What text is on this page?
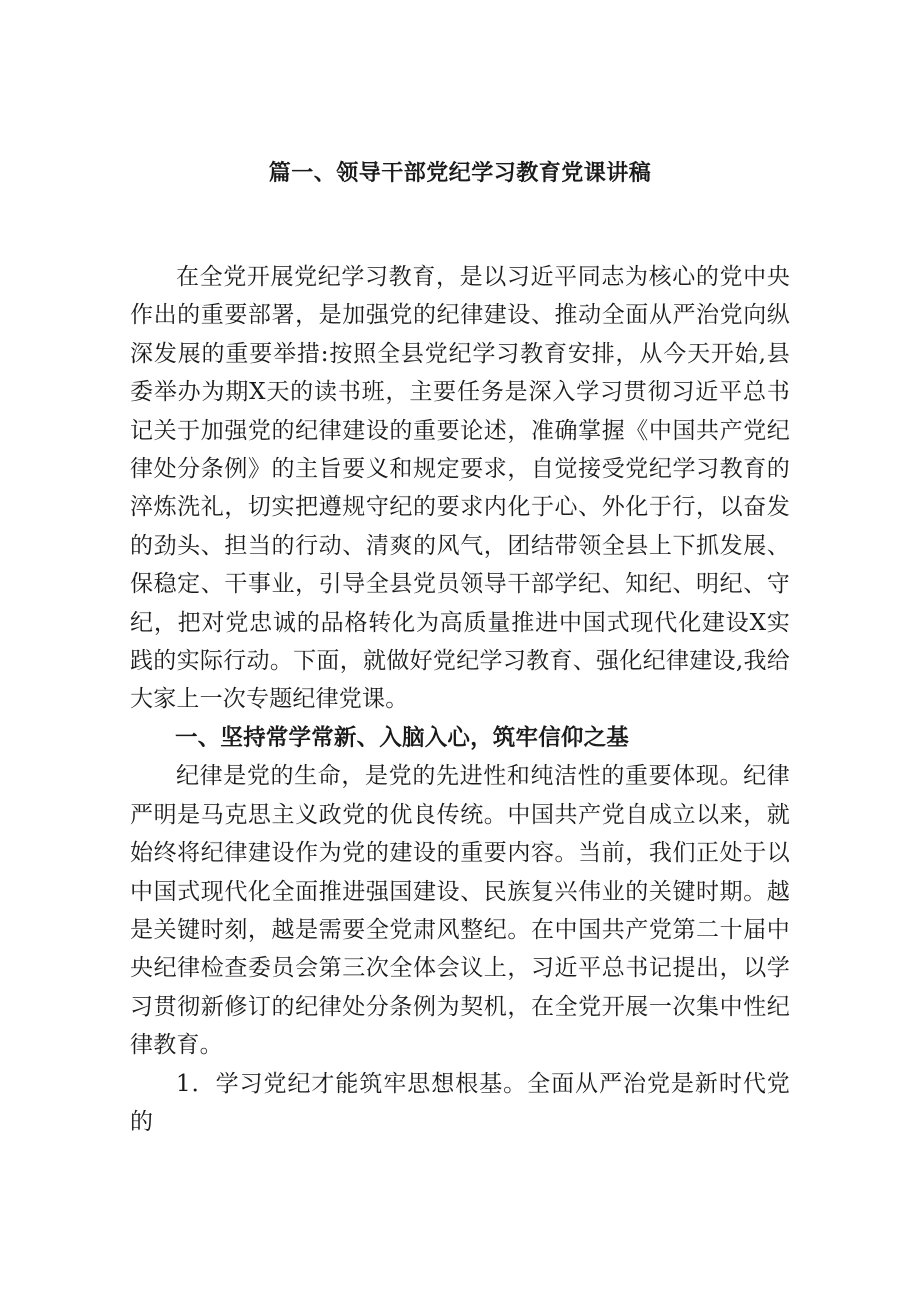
篇一、领导干部党纪学习教育党课讲稿

在全党开展党纪学习教育，是以习近平同志为核心的党中央作出的重要部署，是加强党的纪律建设、推动全面从严治党向纵深发展的重要举措:按照全县党纪学习教育安排，从今天开始,县委举办为期X天的读书班，主要任务是深入学习贯彻习近平总书记关于加强党的纪律建设的重要论述，准确掌握《中国共产党纪律处分条例》的主旨要义和规定要求，自觉接受党纪学习教育的淬炼洗礼，切实把遵规守纪的要求内化于心、外化于行，以奋发的劲头、担当的行动、清爽的风气，团结带领全县上下抓发展、保稳定、干事业，引导全县党员领导干部学纪、知纪、明纪、守纪，把对党忠诚的品格转化为高质量推进中国式现代化建设X实践的实际行动。下面，就做好党纪学习教育、强化纪律建设,我给大家上一次专题纪律党课。

一、坚持常学常新、入脑入心，筑牢信仰之基

纪律是党的生命，是党的先进性和纯洁性的重要体现。纪律严明是马克思主义政党的优良传统。中国共产党自成立以来，就始终将纪律建设作为党的建设的重要内容。当前，我们正处于以中国式现代化全面推进强国建设、民族复兴伟业的关键时期。越是关键时刻，越是需要全党肃风整纪。在中国共产党第二十届中央纪律检查委员会第三次全体会议上，习近平总书记提出，以学习贯彻新修订的纪律处分条例为契机，在全党开展一次集中性纪律教育。

1．学习党纪才能筑牢思想根基。全面从严治党是新时代党的
